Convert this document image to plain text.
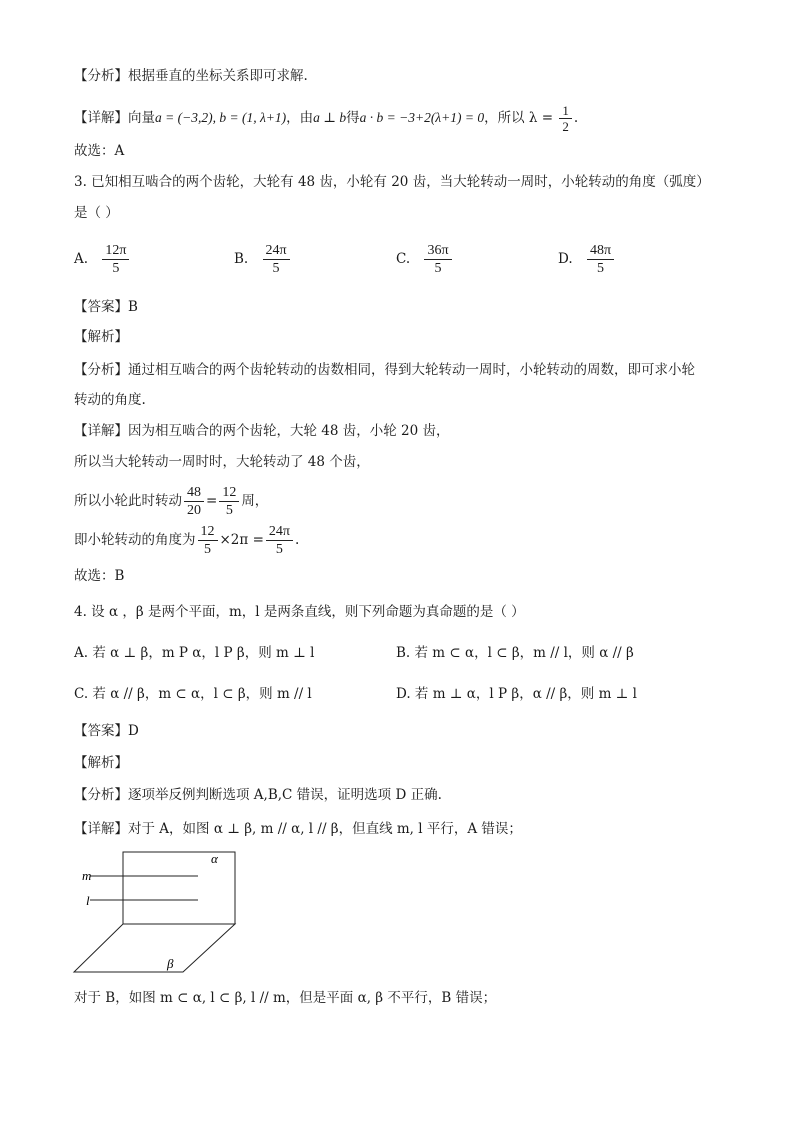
【分析】根据垂直的坐标关系即可求解.
【详解】向量a = (−3,2), b = (1, λ+1)，由a ⊥ b得a · b = −3+2(λ+1) = 0，所以 $\lambda = \frac{1}{2}$ .
故选：A
3. 已知相互啮合的两个齿轮，大轮有 48 齿，小轮有 20 齿，当大轮转动一周时，小轮转动的角度（弧度）
是（ ）
A. $\frac{12\pi}{5}$	B. $\frac{24\pi}{5}$	C. $\frac{36\pi}{5}$	D. $\frac{48\pi}{5}$
【答案】B
【解析】
【分析】通过相互啮合的两个齿轮转动的齿数相同，得到大轮转动一周时，小轮转动的周数，即可求小轮
转动的角度.
【详解】因为相互啮合的两个齿轮，大轮 48 齿，小轮 20 齿，
所以当大轮转动一周时时，大轮转动了 48 个齿，
所以小轮此时转动 $\frac{48}{20} = \frac{12}{5}$ 周，
即小轮转动的角度为 $\frac{12}{5} \times 2\pi = \frac{24\pi}{5}$ .
故选：B
4. 设 α ，β 是两个平面，m，l 是两条直线，则下列命题为真命题的是（ ）
A. 若 α ⊥ β，m P α，l P β，则 m ⊥ l	B. 若 m ⊂ α，l ⊂ β，m // l，则 α // β
C. 若 α // β，m ⊂ α，l ⊂ β，则 m // l	D. 若 m ⊥ α，l P β，α // β，则 m ⊥ l
【答案】D
【解析】
【分析】逐项举反例判断选项 A,B,C 错误，证明选项 D 正确.
【详解】对于 A，如图 α ⊥ β, m // α, l // β，但直线 m, l 平行，A 错误；
α
β
m
l
对于 B，如图 m ⊂ α, l ⊂ β, l // m，但是平面 α, β 不平行，B 错误；
